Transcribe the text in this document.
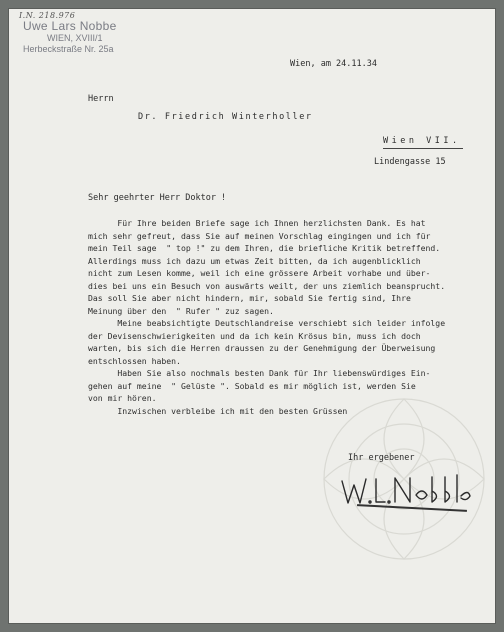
I.N. 218.976
Uwe Lars Nobbe
WIEN, XVIII/1
Herbeckstraße Nr. 25a
Wien, am 24.11.34
Herrn
Dr. Friedrich Winterholler
Wien VII.
Lindengasse 15
Sehr geehrter Herr Doktor !
Für Ihre beiden Briefe sage ich Ihnen herzlichsten Dank. Es hat
mich sehr gefreut, dass Sie auf meinen Vorschlag eingingen und ich für
mein Teil sage  " top !" zu dem Ihren, die briefliche Kritik betreffend.
Allerdings muss ich dazu um etwas Zeit bitten, da ich augenblicklich
nicht zum Lesen komme, weil ich eine grössere Arbeit vorhabe und über-
dies bei uns ein Besuch von auswärts weilt, der uns ziemlich beansprucht.
Das soll Sie aber nicht hindern, mir, sobald Sie fertig sind, Ihre
Meinung über den  " Rufer " zuz sagen.
Meine beabsichtigte Deutschlandreise verschiebt sich leider infolge
der Devisenschwierigkeiten und da ich kein Krösus bin, muss ich doch
warten, bis sich die Herren draussen zu der Genehmigung der Überweisung
entschlossen haben.
Haben Sie also nochmals besten Dank für Ihr liebenswürdiges Ein-
gehen auf meine  " Gelüste ". Sobald es mir möglich ist, werden Sie
von mir hören.
Inzwischen verbleibe ich mit den besten Grüssen
Ihr ergebener
